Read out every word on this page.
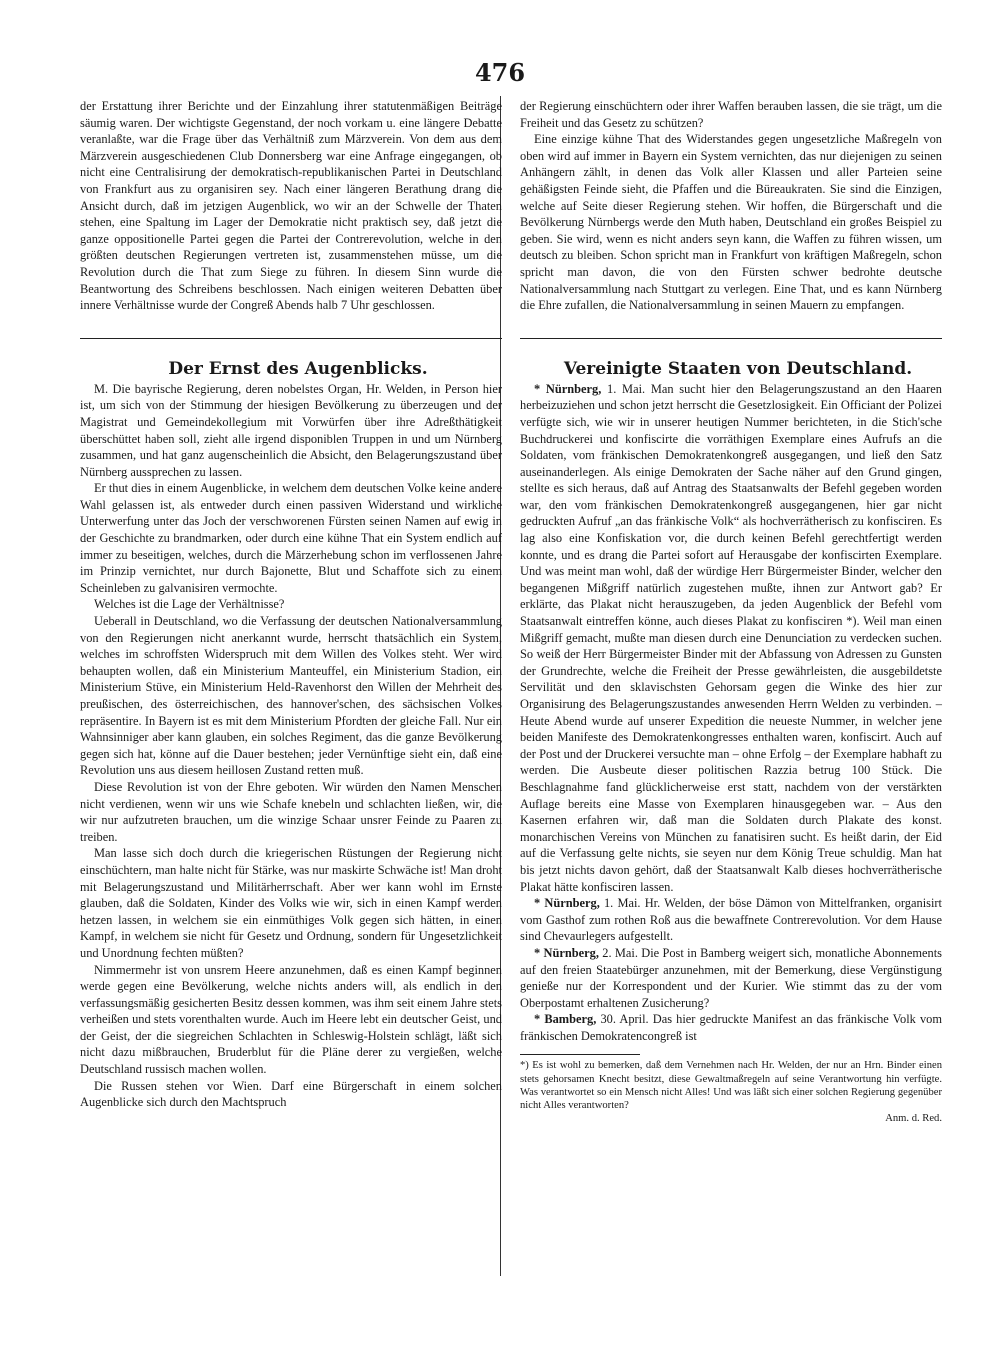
476

der Erstattung ihrer Berichte und der Einzahlung ihrer statutenmäßigen Beiträge säumig waren. Der wichtigste Gegenstand, der noch vorkam u. eine längere Debatte veranlaßte, war die Frage über das Verhältniß zum Märzverein. Von dem aus dem Märzverein ausgeschiedenen Club Donnersberg war eine Anfrage eingegangen, ob nicht eine Centralisirung der demokratisch-republikanischen Partei in Deutschland von Frankfurt aus zu organisiren sey. Nach einer längeren Berathung drang die Ansicht durch, daß im jetzigen Augenblick, wo wir an der Schwelle der Thaten stehen, eine Spaltung im Lager der Demokratie nicht praktisch sey, daß jetzt die ganze oppositionelle Partei gegen die Partei der Contrerevolution, welche in den größten deutschen Regierungen vertreten ist, zusammenstehen müsse, um die Revolution durch die That zum Siege zu führen. In diesem Sinn wurde die Beantwortung des Schreibens beschlossen. Nach einigen weiteren Debatten über innere Verhältnisse wurde der Congreß Abends halb 7 Uhr geschlossen.

Der Ernst des Augenblicks.

M. Die bayrische Regierung, deren nobelstes Organ, Hr. Welden, in Person hier ist, um sich von der Stimmung der hiesigen Bevölkerung zu überzeugen und der Magistrat und Gemeindekollegium mit Vorwürfen über ihre Adreßthätigkeit überschüttet haben soll, zieht alle irgend disponiblen Truppen in und um Nürnberg zusammen, und hat ganz augenscheinlich die Absicht, den Belagerungszustand über Nürnberg aussprechen zu lassen.

Er thut dies in einem Augenblicke, in welchem dem deutschen Volke keine andere Wahl gelassen ist, als entweder durch einen passiven Widerstand und wirkliche Unterwerfung unter das Joch der verschworenen Fürsten seinen Namen auf ewig in der Geschichte zu brandmarken, oder durch eine kühne That ein System endlich auf immer zu beseitigen, welches, durch die Märzerhebung schon im verflossenen Jahre im Prinzip vernichtet, nur durch Bajonette, Blut und Schaffote sich zu einem Scheinleben zu galvanisiren vermochte.

Welches ist die Lage der Verhältnisse?

Ueberall in Deutschland, wo die Verfassung der deutschen Nationalversammlung von den Regierungen nicht anerkannt wurde, herrscht thatsächlich ein System, welches im schroffsten Widerspruch mit dem Willen des Volkes steht. Wer wird behaupten wollen, daß ein Ministerium Manteuffel, ein Ministerium Stadion, ein Ministerium Stüve, ein Ministerium Held-Ravenhorst den Willen der Mehrheit des preußischen, des österreichischen, des hannover'schen, des sächsischen Volkes repräsentire. In Bayern ist es mit dem Ministerium Pfordten der gleiche Fall. Nur ein Wahnsinniger aber kann glauben, ein solches Regiment, das die ganze Bevölkerung gegen sich hat, könne auf die Dauer bestehen; jeder Vernünftige sieht ein, daß eine Revolution uns aus diesem heillosen Zustand retten muß.

Diese Revolution ist von der Ehre geboten. Wir würden den Namen Menschen nicht verdienen, wenn wir uns wie Schafe knebeln und schlachten ließen, wir, die wir nur aufzutreten brauchen, um die winzige Schaar unsrer Feinde zu Paaren zu treiben.

Man lasse sich doch durch die kriegerischen Rüstungen der Regierung nicht einschüchtern, man halte nicht für Stärke, was nur maskirte Schwäche ist! Man droht mit Belagerungszustand und Militärherrschaft. Aber wer kann wohl im Ernste glauben, daß die Soldaten, Kinder des Volks wie wir, sich in einen Kampf werden hetzen lassen, in welchem sie ein einmüthiges Volk gegen sich hätten, in einen Kampf, in welchem sie nicht für Gesetz und Ordnung, sondern für Ungesetzlichkeit und Unordnung fechten müßten?

Nimmermehr ist von unsrem Heere anzunehmen, daß es einen Kampf beginnen werde gegen eine Bevölkerung, welche nichts anders will, als endlich in den verfassungsmäßig gesicherten Besitz dessen kommen, was ihm seit einem Jahre stets verheißen und stets vorenthalten wurde. Auch im Heere lebt ein deutscher Geist, und der Geist, der die siegreichen Schlachten in Schleswig-Holstein schlägt, läßt sich nicht dazu mißbrauchen, Bruderblut für die Pläne derer zu vergießen, welche Deutschland russisch machen wollen.

Die Russen stehen vor Wien. Darf eine Bürgerschaft in einem solchen Augenblicke sich durch den Machtspruch

der Regierung einschüchtern oder ihrer Waffen berauben lassen, die sie trägt, um die Freiheit und das Gesetz zu schützen?

Eine einzige kühne That des Widerstandes gegen ungesetzliche Maßregeln von oben wird auf immer in Bayern ein System vernichten, das nur diejenigen zu seinen Anhängern zählt, in denen das Volk aller Klassen und aller Parteien seine gehäßigsten Feinde sieht, die Pfaffen und die Büreaukraten. Sie sind die Einzigen, welche auf Seite dieser Regierung stehen. Wir hoffen, die Bürgerschaft und die Bevölkerung Nürnbergs werde den Muth haben, Deutschland ein großes Beispiel zu geben. Sie wird, wenn es nicht anders seyn kann, die Waffen zu führen wissen, um deutsch zu bleiben. Schon spricht man in Frankfurt von kräftigen Maßregeln, schon spricht man davon, die von den Fürsten schwer bedrohte deutsche Nationalversammlung nach Stuttgart zu verlegen. Eine That, und es kann Nürnberg die Ehre zufallen, die Nationalversammlung in seinen Mauern zu empfangen.

Vereinigte Staaten von Deutschland.

* Nürnberg, 1. Mai. Man sucht hier den Belagerungszustand an den Haaren herbeizuziehen und schon jetzt herrscht die Gesetzlosigkeit. Ein Officiant der Polizei verfügte sich, wie wir in unserer heutigen Nummer berichteten, in die Stich'sche Buchdruckerei und konfiscirte die vorräthigen Exemplare eines Aufrufs an die Soldaten, vom fränkischen Demokratenkongreß ausgegangen, und ließ den Satz auseinanderlegen. Als einige Demokraten der Sache näher auf den Grund gingen, stellte es sich heraus, daß auf Antrag des Staatsanwalts der Befehl gegeben worden war, den vom fränkischen Demokratenkongreß ausgegangenen, hier gar nicht gedruckten Aufruf „an das fränkische Volk“ als hochverrätherisch zu konfisciren. Es lag also eine Konfiskation vor, die durch keinen Befehl gerechtfertigt werden konnte, und es drang die Partei sofort auf Herausgabe der konfiscirten Exemplare. Und was meint man wohl, daß der würdige Herr Bürgermeister Binder, welcher den begangenen Mißgriff natürlich zugestehen mußte, ihnen zur Antwort gab? Er erklärte, das Plakat nicht herauszugeben, da jeden Augenblick der Befehl vom Staatsanwalt eintreffen könne, auch dieses Plakat zu konfisciren *). Weil man einen Mißgriff gemacht, mußte man diesen durch eine Denunciation zu verdecken suchen. So weiß der Herr Bürgermeister Binder mit der Abfassung von Adressen zu Gunsten der Grundrechte, welche die Freiheit der Presse gewährleisten, die ausgebildetste Servilität und den sklavischsten Gehorsam gegen die Winke des hier zur Organisirung des Belagerungszustandes anwesenden Herrn Welden zu verbinden. – Heute Abend wurde auf unserer Expedition die neueste Nummer, in welcher jene beiden Manifeste des Demokratenkongresses enthalten waren, konfiscirt. Auch auf der Post und der Druckerei versuchte man – ohne Erfolg – der Exemplare habhaft zu werden. Die Ausbeute dieser politischen Razzia betrug 100 Stück. Die Beschlagnahme fand glücklicherweise erst statt, nachdem von der verstärkten Auflage bereits eine Masse von Exemplaren hinausgegeben war. – Aus den Kasernen erfahren wir, daß man die Soldaten durch Plakate des konst. monarchischen Vereins von München zu fanatisiren sucht. Es heißt darin, der Eid auf die Verfassung gelte nichts, sie seyen nur dem König Treue schuldig. Man hat bis jetzt nichts davon gehört, daß der Staatsanwalt Kalb dieses hochverrätherische Plakat hätte konfisciren lassen.

* Nürnberg, 1. Mai. Hr. Welden, der böse Dämon von Mittelfranken, organisirt vom Gasthof zum rothen Roß aus die bewaffnete Contrerevolution. Vor dem Hause sind Chevaurlegers aufgestellt.

* Nürnberg, 2. Mai. Die Post in Bamberg weigert sich, monatliche Abonnements auf den freien Staatebürger anzunehmen, mit der Bemerkung, diese Vergünstigung genieße nur der Korrespondent und der Kurier. Wie stimmt das zu der vom Oberpostamt erhaltenen Zusicherung?

* Bamberg, 30. April. Das hier gedruckte Manifest an das fränkische Volk vom fränkischen Demokratencongreß ist

*) Es ist wohl zu bemerken, daß dem Vernehmen nach Hr. Welden, der nur an Hrn. Binder einen stets gehorsamen Knecht besitzt, diese Gewaltmaßregeln auf seine Verantwortung hin verfügte. Was verantwortet so ein Mensch nicht Alles! Und was läßt sich einer solchen Regierung gegenüber nicht Alles verantworten?

Anm. d. Red.
